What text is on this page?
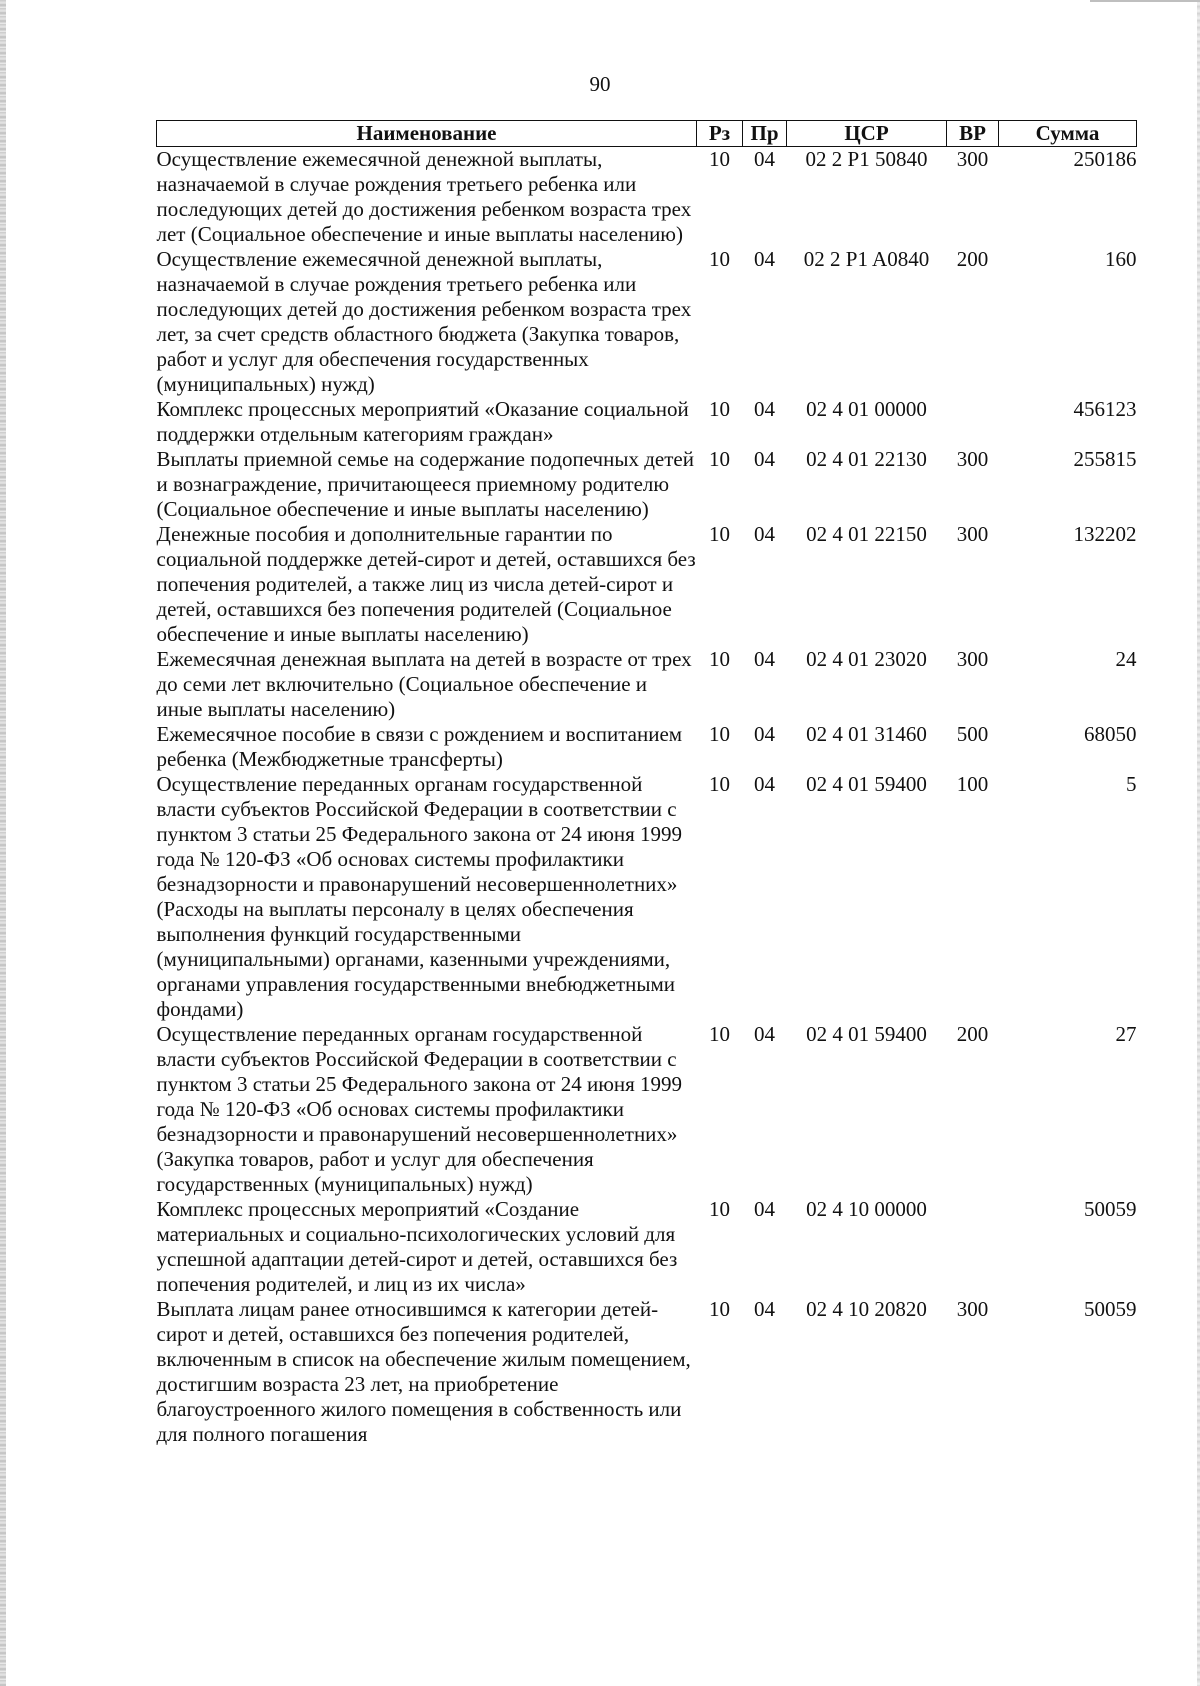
90
Наименование	Рз	Пр	ЦСР	ВР	Сумма
Осуществление ежемесячной денежной выплаты, назначаемой в случае рождения третьего ребенка или последующих детей до достижения ребенком возраста трех лет (Социальное обеспечение и иные выплаты населению)	10	04	02 2 P1 50840	300	250186
Осуществление ежемесячной денежной выплаты, назначаемой в случае рождения третьего ребенка или последующих детей до достижения ребенком возраста трех лет, за счет средств областного бюджета (Закупка товаров, работ и услуг для обеспечения государственных (муниципальных) нужд)	10	04	02 2 P1 A0840	200	160
Комплекс процессных мероприятий «Оказание социальной поддержки отдельным категориям граждан»	10	04	02 4 01 00000		456123
Выплаты приемной семье на содержание подопечных детей и вознаграждение, причитающееся приемному родителю (Социальное обеспечение и иные выплаты населению)	10	04	02 4 01 22130	300	255815
Денежные пособия и дополнительные гарантии по социальной поддержке детей-сирот и детей, оставшихся без попечения родителей, а также лиц из числа детей-сирот и детей, оставшихся без попечения родителей (Социальное обеспечение и иные выплаты населению)	10	04	02 4 01 22150	300	132202
Ежемесячная денежная выплата на детей в возрасте от трех до семи лет включительно (Социальное обеспечение и иные выплаты населению)	10	04	02 4 01 23020	300	24
Ежемесячное пособие в связи с рождением и воспитанием ребенка (Межбюджетные трансферты)	10	04	02 4 01 31460	500	68050
Осуществление переданных органам государственной власти субъектов Российской Федерации в соответствии с пунктом 3 статьи 25 Федерального закона от 24 июня 1999 года № 120-ФЗ «Об основах системы профилактики безнадзорности и правонарушений несовершеннолетних» (Расходы на выплаты персоналу в целях обеспечения выполнения функций государственными (муниципальными) органами, казенными учреждениями, органами управления государственными внебюджетными фондами)	10	04	02 4 01 59400	100	5
Осуществление переданных органам государственной власти субъектов Российской Федерации в соответствии с пунктом 3 статьи 25 Федерального закона от 24 июня 1999 года № 120-ФЗ «Об основах системы профилактики безнадзорности и правонарушений несовершеннолетних» (Закупка товаров, работ и услуг для обеспечения государственных (муниципальных) нужд)	10	04	02 4 01 59400	200	27
Комплекс процессных мероприятий «Создание материальных и социально-психологических условий для успешной адаптации детей-сирот и детей, оставшихся без попечения родителей, и лиц из их числа»	10	04	02 4 10 00000		50059
Выплата лицам ранее относившимся к категории детей-сирот и детей, оставшихся без попечения родителей, включенным в список на обеспечение жилым помещением, достигшим возраста 23 лет, на приобретение благоустроенного жилого помещения в собственность или для полного погашения	10	04	02 4 10 20820	300	50059
